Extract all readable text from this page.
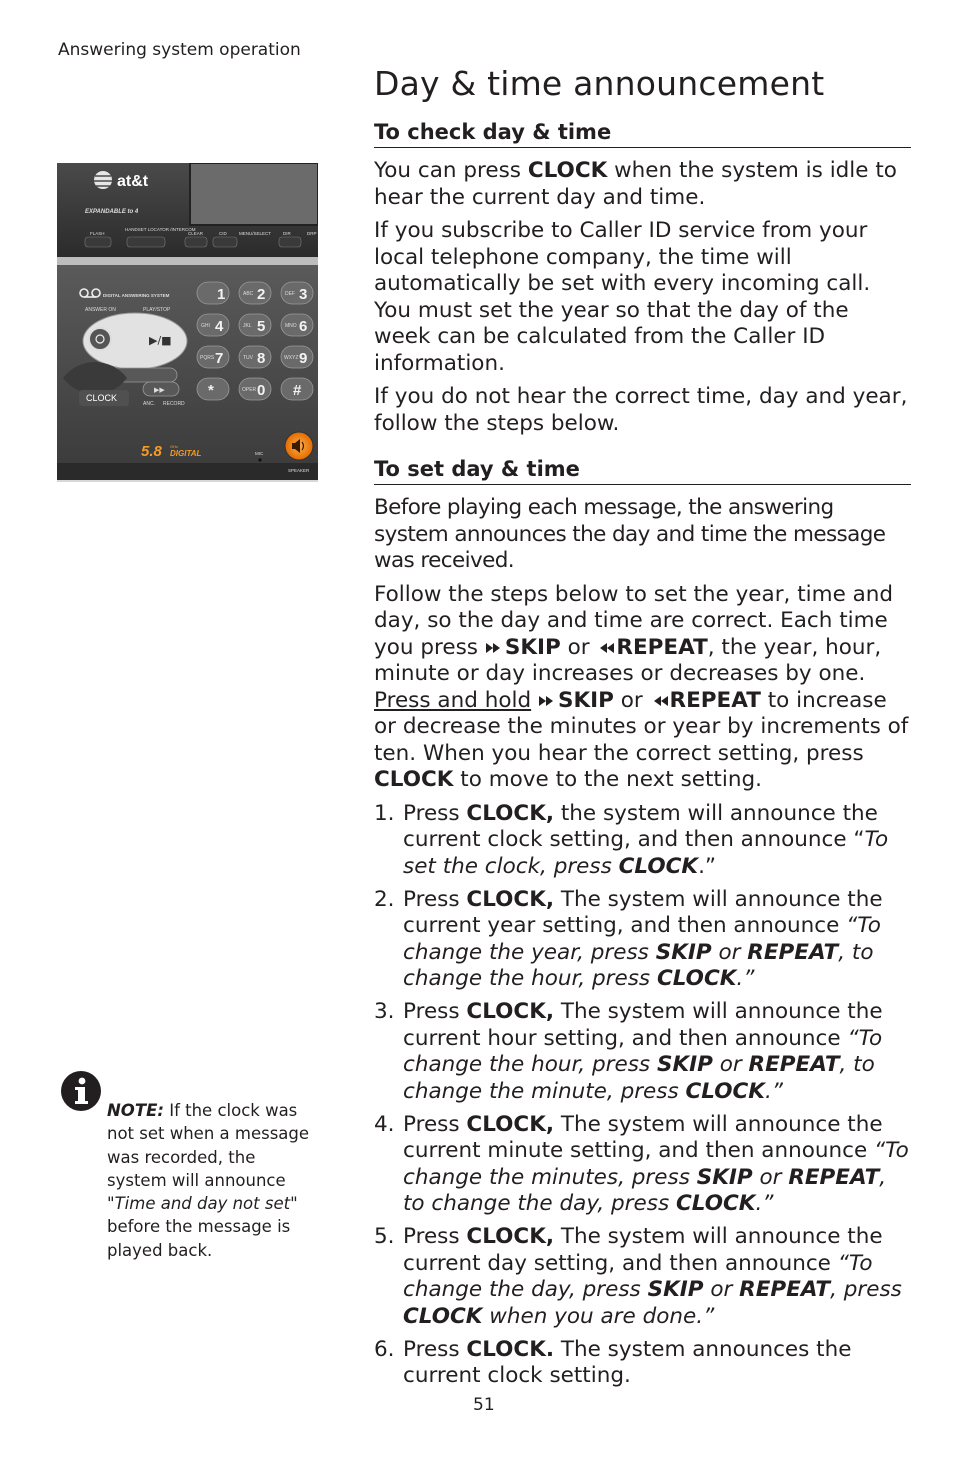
Answering system operation
Day & time announcement
To check day & time

You can press CLOCK when the system is idle to hear the current day and time.

If you subscribe to Caller ID service from your local telephone company, the time will automatically be set with every incoming call. You must set the year so that the day of the week can be calculated from the Caller ID information.

If you do not hear the correct time, day and year, follow the steps below.

To set day & time

Before playing each message, the answering system announces the day and time the message was received.

Follow the steps below to set the year, time and day, so the day and time are correct. Each time you press SKIP or REPEAT, the year, hour, minute or day increases or decreases by one. Press and hold SKIP or REPEAT to increase or decrease the minutes or year by increments of ten. When you hear the correct setting, press CLOCK to move to the next setting.

1. Press CLOCK, the system will announce the current clock setting, and then announce “To set the clock, press CLOCK.”
2. Press CLOCK, The system will announce the current year setting, and then announce “To change the year, press SKIP or REPEAT, to change the hour, press CLOCK.”
3. Press CLOCK, The system will announce the current hour setting, and then announce “To change the hour, press SKIP or REPEAT, to change the minute, press CLOCK.”
4. Press CLOCK, The system will announce the current minute setting, and then announce “To change the minutes, press SKIP or REPEAT, to change the day, press CLOCK.”
5. Press CLOCK, The system will announce the current day setting, and then announce “To change the day, press SKIP or REPEAT, press CLOCK when you are done.”
6. Press CLOCK. The system announces the current clock setting.
at&t
EXPANDABLE to 4
FLASH
HANDSET LOCATOR /INTERCOM
CLEAR	CID	MENU/SELECT	DIR	DRP
DIGITAL ANSWERING SYSTEM
ANSWER ON	PLAY/STOP
ANC. RECORD
▶/■
▶▶
CLOCK
1	ABC 2	DEF 3
GHI 4	JKL 5	MNO 6
PQRS 7	TUV 8	WXYZ 9
*	OPER 0 #
5.8 GHz
DIGITAL	MIC
SPEAKER
NOTE: If the clock was not set when a message was recorded, the system will announce "Time and day not set" before the message is played back.
51
